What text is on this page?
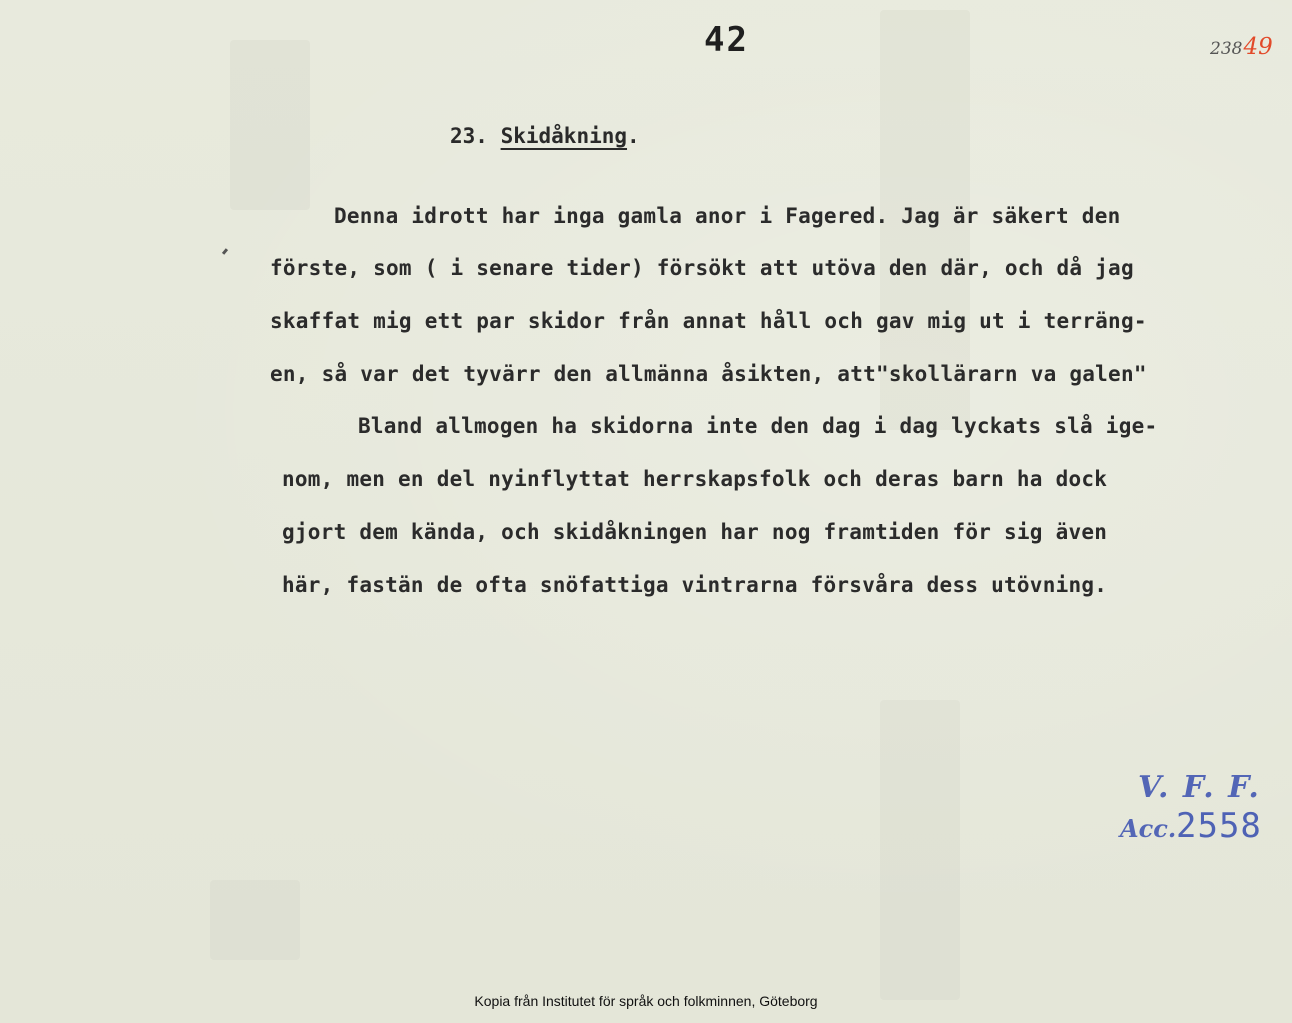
42	23849
23. Skidåkning.
Denna idrott har inga gamla anor i Fagered. Jag är säkert den
förste, som ( i senare tider) försökt att utöva den där, och då jag
skaffat mig ett par skidor från annat håll och gav mig ut i terräng-
en, så var det tyvärr den allmänna åsikten, att"skollärarn va galen"
Bland allmogen ha skidorna inte den dag i dag lyckats slå ige-
nom, men en del nyinflyttat herrskapsfolk och deras barn ha dock
gjort dem kända, och skidåkningen har nog framtiden för sig även
här, fastän de ofta snöfattiga vintrarna försvåra dess utövning.
V. F. F.
Acc. 2558
Kopia från Institutet för språk och folkminnen, Göteborg
